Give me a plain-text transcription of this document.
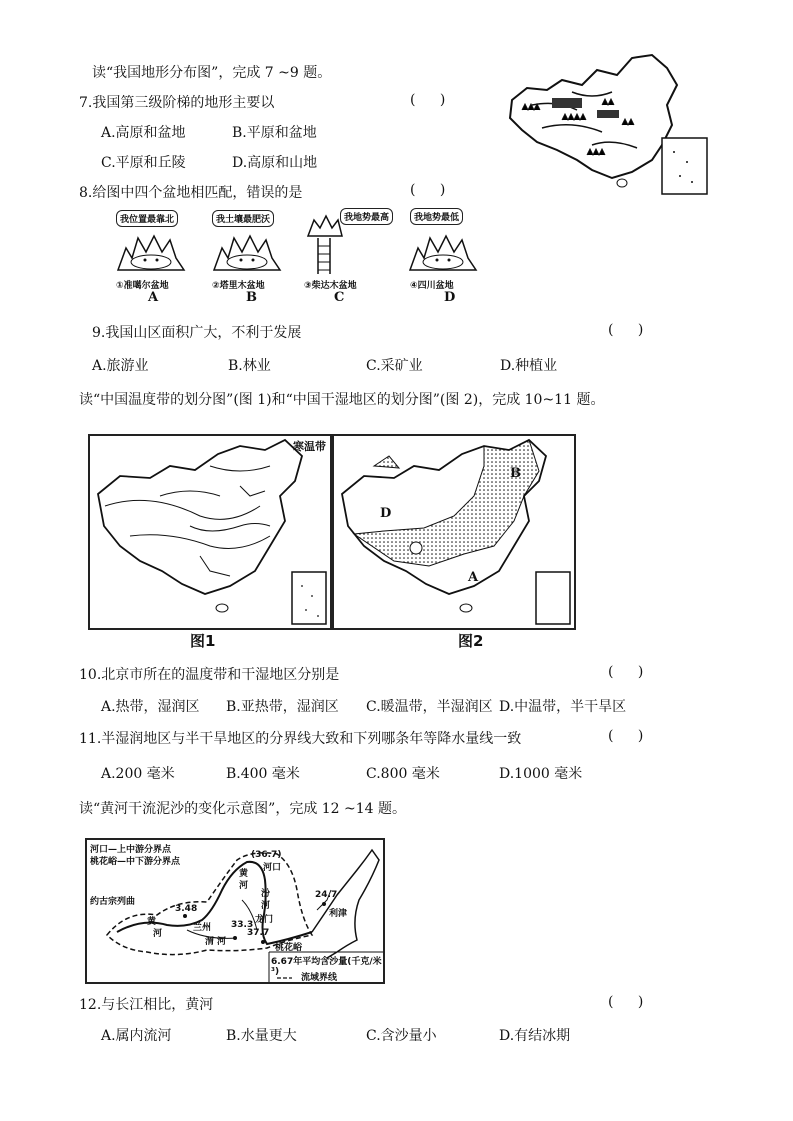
读“我国地形分布图”，完成 7 ~9 题。
7.我国第三级阶梯的地形主要以	( )
A.高原和盆地	B.平原和盆地
C.平原和丘陵	D.高原和山地
8.给图中四个盆地相匹配，错误的是	( )
我位置最靠北
①准噶尔盆地
A
我土壤最肥沃
②塔里木盆地
B
我地势最高
③柴达木盆地
C
我地势最低
④四川盆地
D
9.我国山区面积广大，不利于发展	( )
A.旅游业	B.林业	C.采矿业	D.种植业
读“中国温度带的划分图”(图 1)和“中国干湿地区的划分图”(图 2)，完成 10~11 题。
寒温带
图1
D
B
A
图2
10.北京市所在的温度带和干湿地区分别是	( )
A.热带，湿润区 B.亚热带，湿润区 C.暖温带，半湿润区 D.中温带，半干旱区
11.半湿润地区与半干旱地区的分界线大致和下列哪条年等降水量线一致	( )
A.200 毫米	B.400 毫米	C.800 毫米	D.1000 毫米
读“黄河干流泥沙的变化示意图”，完成 12 ~14 题。
河口—上中游分界点
桃花峪—中下游分界点
约古宗列曲
黄
河
兰州
3.48
渭 河
33.3
37.7
(36.7)
河口
黄
河
汾
河
龙门
24.7
利津
桃花峪
6.67年平均含沙量(千克/米³)
流域界线
12.与长江相比，黄河	( )
A.属内流河	B.水量更大	C.含沙量小	D.有结冰期
